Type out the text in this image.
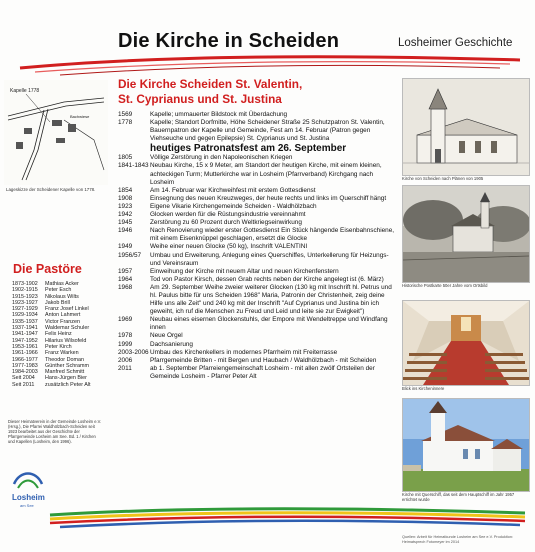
Die Kirche in Scheiden	Losheimer Geschichte
Die Kirche Scheiden St. Valentin,
St. Cyprianus und St. Justina
Kapelle 1778
Bachwiese
Lageskizze der Scheidener Kapelle von 1778.
Die Pastöre
1873-1902	Mathias Acker
1902-1915	Peter Esch
1915-1923	Nikolaus Wilts
1923-1927	Jakob Brill
1927-1929	Franz Josef Linkel
1929-1934	Anton Lahmert
1935-1937	Victor Franzen
1937-1941	Waldemar Schuler
1941-1947	Felix Heinz
1947-1952	Hilarius Wilsofeld
1953-1961	Peter Kirch
1961-1966	Franz Warken
1966-1977	Theodor Doman
1977-1983	Günther Schramm
1984-2003	Manfred Schmitt
Seit 2004	Hans-Jürgen Bier
Seit 2011	zusätzlich Peter Alt
Dieser Heimatverein in der Gemeinde Losheim e.V. (Hrsg.), Die Pfarrei Waldhölzbach-Scheiden seit 1923 bearbeitet aus der Geschichte der Pfarrgemeinde Losheim am See. Bd. 1 / Kirchen und Kapellen (Losheim, den 1996).
Losheim
am See
1569	Kapelle; ummauerter Bildstock mit Überdachung
1778	Kapelle; Standort Dorfmitte, Höhe Scheidener Straße 25 Schutzpatron St. Valentin, Bauernpatron der Kapelle und Gemeinde, Fest am 14. Februar (Patron gegen Viehseuche und gegen Epilepsie) St. Cyprianus und St. Justina
heutiges Patronatsfest am 26. September
1805	Völlige Zerstörung in den Napoleonischen Kriegen
1841-1843 Neubau Kirche, 15 x 9 Meter, am Standort der heutigen Kirche, mit einem kleinen, achteckigen Turm; Mutterkirche war in Losheim (Pfarrverband) Kirchgang nach Losheim
1854	Am 14. Februar war Kirchweihfest mit erstem Gottesdienst
1908	Einsegnung des neuen Kreuzweges, der heute rechts und links im Querschiff hängt
1923	Eigene Vikarie Kirchengemeinde Scheiden - Waldhölzbach
1942	Glocken werden für die Rüstungsindustrie vereinnahmt
1945	Zerstörung zu 60 Prozent durch Weltkriegseinwirkung
1946	Nach Renovierung wieder erster Gottesdienst Ein Stück hängende Eisenbahnschiene, mit einem Eisenknüppel geschlagen, ersetzt die Glocke
1949	Weihe einer neuen Glocke (50 kg), Inschrift VALENTINI
1956/57	Umbau und Erweiterung, Anlegung eines Querschiffes, Unterkellerung für Heizungs- und Vereinsraum
1957	Einweihung der Kirche mit neuem Altar und neuen Kirchenfenstern
1964	Tod von Pastor Kirsch, dessen Grab rechts neben der Kirche angelegt ist (6. März)
1968	Am 29. September Weihe zweier weiterer Glocken (130 kg mit Inschrift hl. Petrus und hl. Paulus bitte für uns Scheiden 1968" Maria, Patronin der Christenheit, zeig deine Hilfe uns alle Zeit" und 240 kg mit der Inschrift "Auf Cyprianus und Justina bin ich geweiht, ich ruf die Menschen zu Freud und Leid und leite sie zur Ewigkeit")
1969	Neubau eines eisernen Glockenstuhls, der Empore mit Wendeltreppe und Windfang innen
1978	Neue Orgel
1999	Dachsanierung
2003-2006 Umbau des Kirchenkellers in modernes Pfarrheim mit Freiterrasse
2006	Pfarrgemeinde Britten - mit Bergen und Haubach / Waldhölzbach - mit Scheiden
2011	ab 1. September Pfarreiengemeinschaft Losheim - mit allen zwölf Ortsteilen der Gemeinde Losheim - Pfarrer Peter Alt
Kirche von Scheiden nach Plänen von 1905
Historische Postkarte 50er Jahre vom Ortsbild
Blick ins Kircheninnere
Kirche mit Querschiff, das seit dem Hauptschiff im Jahr 1957 errichtet wurde
Quellen: Arbeit für Heimatkunde Losheim am See e.V. Produktion: Heimatsprech Fotomeyer im 2014
